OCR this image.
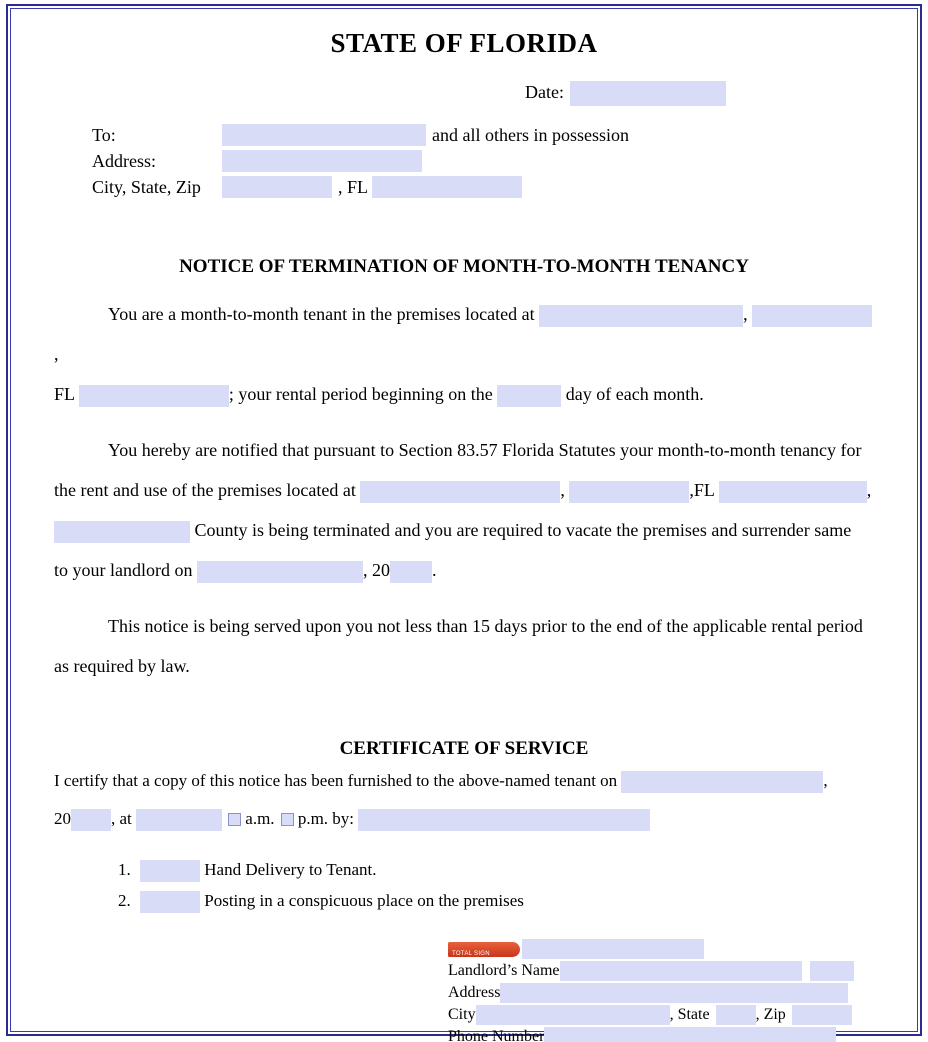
STATE OF FLORIDA
Date:
To:	and all others in possession
Address:
City, State, Zip	, FL
NOTICE OF TERMINATION OF MONTH-TO-MONTH TENANCY
You are a month-to-month tenant in the premises located at	, ,
FL	; your rental period beginning on the	day of each month.
You hereby are notified that pursuant to Section 83.57 Florida Statutes your month-to-month tenancy for
the rent and use of the premises located at	,	,FL	,
County is being terminated and you are required to vacate the premises and surrender same
to your landlord on	, 20 .
This notice is being served upon you not less than 15 days prior to the end of the applicable rental period
as required by law.
CERTIFICATE OF SERVICE
I certify that a copy of this notice has been furnished to the above-named tenant on	,
20 , at	a.m. p.m. by:
1.	Hand Delivery to Tenant.
2.	Posting in a conspicuous place on the premises
TOTAL SIGN
Landlord’s Name
Address
City	, State	, Zip
Phone Number
